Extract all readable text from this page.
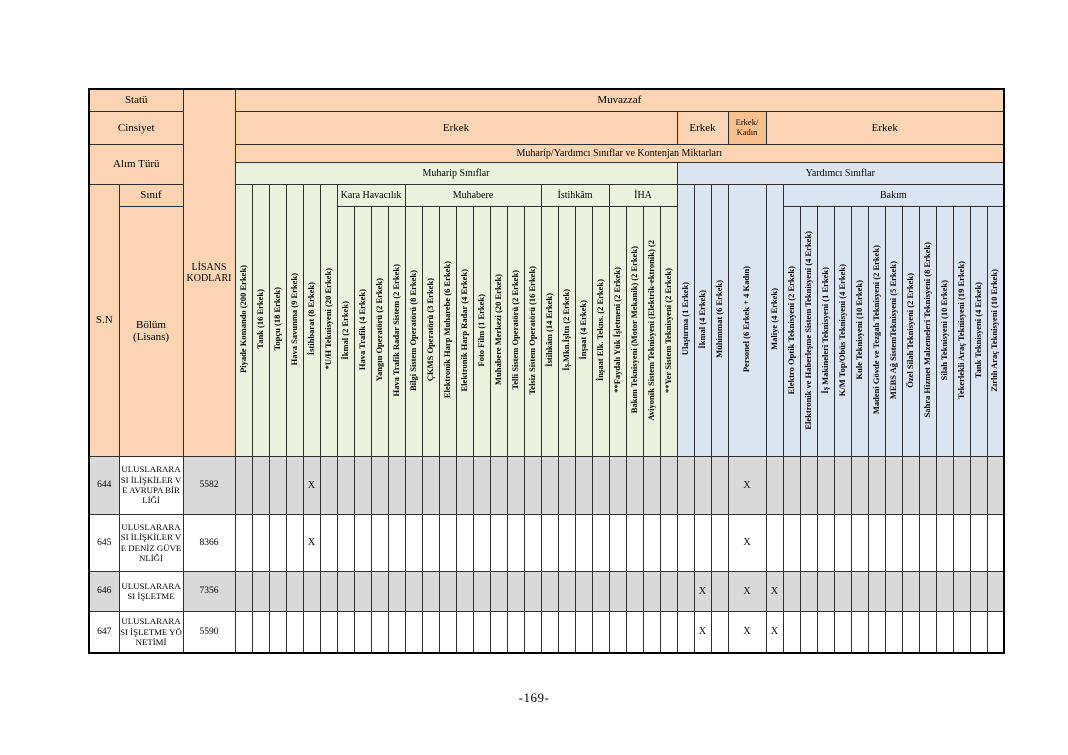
Statü		LİSANS KODLARI	Muvazzaf																																											
Cinsiyet			Erkek																										Erkek			Erkek/ Kadın	Erkek													
Alım Türü			Muharip/Yardımcı Sınıflar ve Kontenjan Miktarları																																											
			Muharip Sınıflar																										Yardımcı Sınıflar																	
S.N	Sınıf		Piyade Komando (200 Erkek)	Tank (16 Erkek)	Topçu (18 Erkek)	Hava Savunma (9 Erkek)	İstihbarat (8 Erkek)	*U/H Teknisyeni (20 Erkek)	Kara Havacılık				Muhabere								İstihkâm				İHA				Ulaştırma (1 Erkek)	İkmal (4 Erkek)	Mühimmat (6 Erkek)	Personel (6 Erkek + 4 Kadın)	Maliye (4 Erkek)	Bakım												
	Bölüm (Lisans)								İkmal (2 Erkek)	Hava Trafik (4 Erkek)	Yangın Operatörü (2 Erkek)	Hava Trafik Radar Sistem (2 Erkek)	Bilgi Sistem Operatörü (8 Erkek)	ÇKMS Operatörü (3 Erkek)	Elektronik Harp Muharebe (6 Erkek)	Elektronik Harp Radar (4 Erkek)	Foto Film (1 Erkek)	Muhabere Merkezi (20 Erkek)	Telli Sistem Operatörü (2 Erkek)	Telsiz Sistem Operatörü (16 Erkek)	İstihkâm (14 Erkek)	İş.Mkn.İşltn (2 Erkek)	İnşaat (4 Erkek)	İnşaat Elk. Tekns. (2 Erkek)	**Faydalı Yük İşletmeni (2 Erkek)	Bakım Teknisyeni (Motor Mekanik) (2 Erkek)	Aviyonik Sistem Teknisyeni (Elektrik-ektronik) (2	**Yer Sistem Teknisyeni (2 Erkek)						Elektro Optik Teknisyeni (2 Erkek)	Elektronik ve Haberleşme Sistem Teknisyeni (4 Erkek)	İş Makineleri Teknisyeni (1 Erkek)	K/M Top/Obüs Teknisyeni (4 Erkek)	Kule Teknisyeni (10 Erkek)	Madeni Gövde ve Tezgah Teknisyeni (2 Erkek)	MEBS Ağ SistemTeknisyeni (5 Erkek)	Özel Silah Teknisyeni (2 Erkek)	Sahra Hizmet Malzemeleri Teknisyeni (8 Erkek)	Silah Teknisyeni (10 Erkek)	Tekerlekli Araç Teknisyeni (19 Erkek)	Tank Teknisyeni (4 Erkek)	Zırhlı Araç Teknisyeni (10 Erkek)

644	ULUSLARARASI İLİŞKİLER VE AVRUPA BİRLİĞİ	5582					X																									X														
645	ULUSLARARASI İLİŞKİLER VE DENİZ GÜVENLİĞİ	8366					X																									X														
646	ULUSLARARASI İŞLETME	7356																												X		X	X													
647	ULUSLARARASI İŞLETME YÖNETİMİ	5590																												X		X	X													
-169-
